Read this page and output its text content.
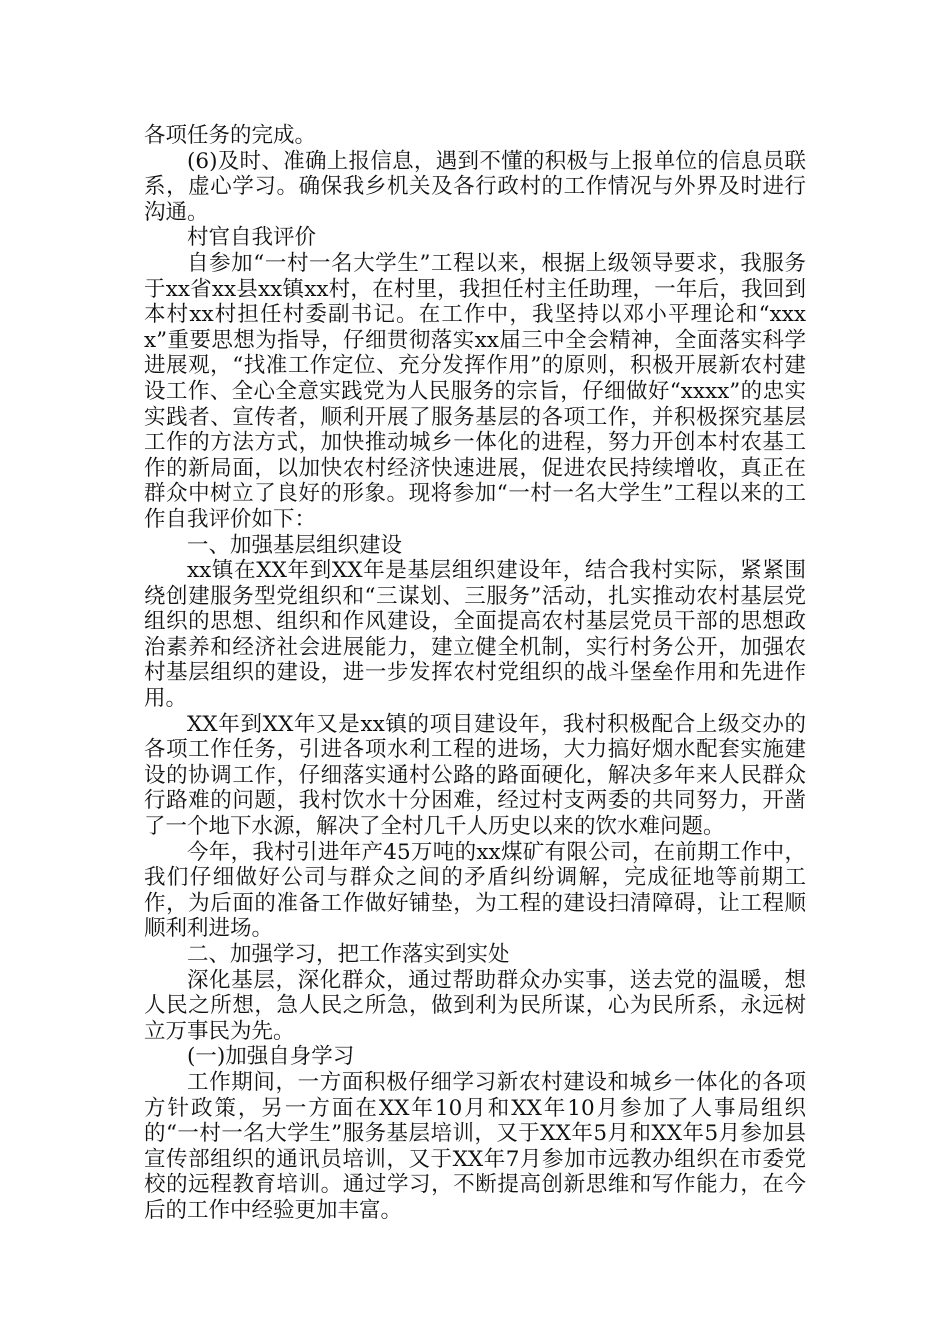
各项任务的完成。

(6)及时、准确上报信息，遇到不懂的积极与上报单位的信息员联系，虚心学习。确保我乡机关及各行政村的工作情况与外界及时进行沟通。

村官自我评价

自参加“一村一名大学生”工程以来，根据上级领导要求，我服务于xx省xx县xx镇xx村，在村里，我担任村主任助理，一年后，我回到本村xx村担任村委副书记。在工作中，我坚持以邓小平理论和“xxxx”重要思想为指导，仔细贯彻落实xx届三中全会精神，全面落实科学进展观，“找准工作定位、充分发挥作用”的原则，积极开展新农村建设工作、全心全意实践党为人民服务的宗旨，仔细做好“xxxx”的忠实实践者、宣传者，顺利开展了服务基层的各项工作，并积极探究基层工作的方法方式，加快推动城乡一体化的进程，努力开创本村农基工作的新局面，以加快农村经济快速进展，促进农民持续增收，真正在群众中树立了良好的形象。现将参加“一村一名大学生”工程以来的工作自我评价如下：

一、加强基层组织建设

xx镇在XX年到XX年是基层组织建设年，结合我村实际，紧紧围绕创建服务型党组织和“三谋划、三服务”活动，扎实推动农村基层党组织的思想、组织和作风建设，全面提高农村基层党员干部的思想政治素养和经济社会进展能力，建立健全机制，实行村务公开，加强农村基层组织的建设，进一步发挥农村党组织的战斗堡垒作用和先进作用。

XX年到XX年又是xx镇的项目建设年，我村积极配合上级交办的各项工作任务，引进各项水利工程的进场，大力搞好烟水配套实施建设的协调工作，仔细落实通村公路的路面硬化，解决多年来人民群众行路难的问题，我村饮水十分困难，经过村支两委的共同努力，开凿了一个地下水源，解决了全村几千人历史以来的饮水难问题。

今年，我村引进年产45万吨的xx煤矿有限公司，在前期工作中，我们仔细做好公司与群众之间的矛盾纠纷调解，完成征地等前期工作，为后面的准备工作做好铺垫，为工程的建设扫清障碍，让工程顺顺利利进场。

二、加强学习，把工作落实到实处

深化基层，深化群众，通过帮助群众办实事，送去党的温暖，想人民之所想，急人民之所急，做到利为民所谋，心为民所系，永远树立万事民为先。

(一)加强自身学习

工作期间，一方面积极仔细学习新农村建设和城乡一体化的各项方针政策，另一方面在XX年10月和XX年10月参加了人事局组织的“一村一名大学生”服务基层培训，又于XX年5月和XX年5月参加县宣传部组织的通讯员培训，又于XX年7月参加市远教办组织在市委党校的远程教育培训。通过学习，不断提高创新思维和写作能力，在今后的工作中经验更加丰富。
